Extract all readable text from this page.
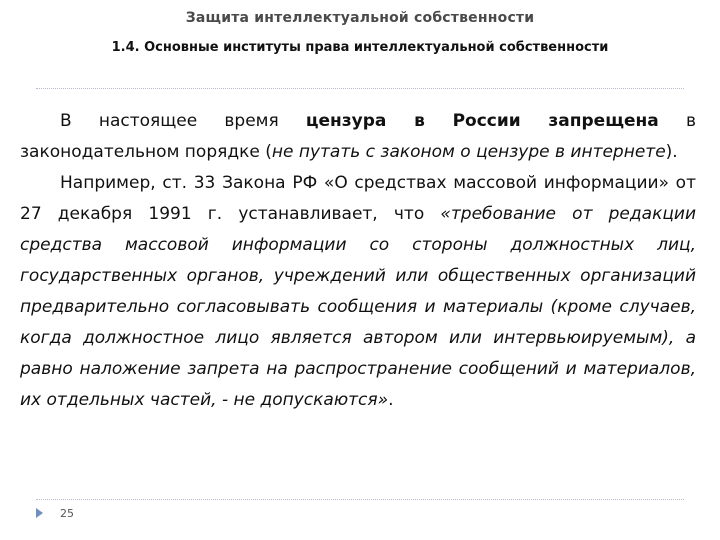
Защита интеллектуальной собственности
1.4. Основные институты права интеллектуальной собственности

В настоящее время цензура в России запрещена в законодательном порядке (не путать с законом о цензуре в интернете).

Например, ст. 33 Закона РФ «О средствах массовой информации» от 27 декабря 1991 г. устанавливает, что «требование от редакции средства массовой информации со стороны должностных лиц, государственных органов, учреждений или общественных организаций предварительно согласовывать сообщения и материалы (кроме случаев, когда должностное лицо является автором или интервьюируемым), а равно наложение запрета на распространение сообщений и материалов, их отдельных частей, - не допускаются».

25
